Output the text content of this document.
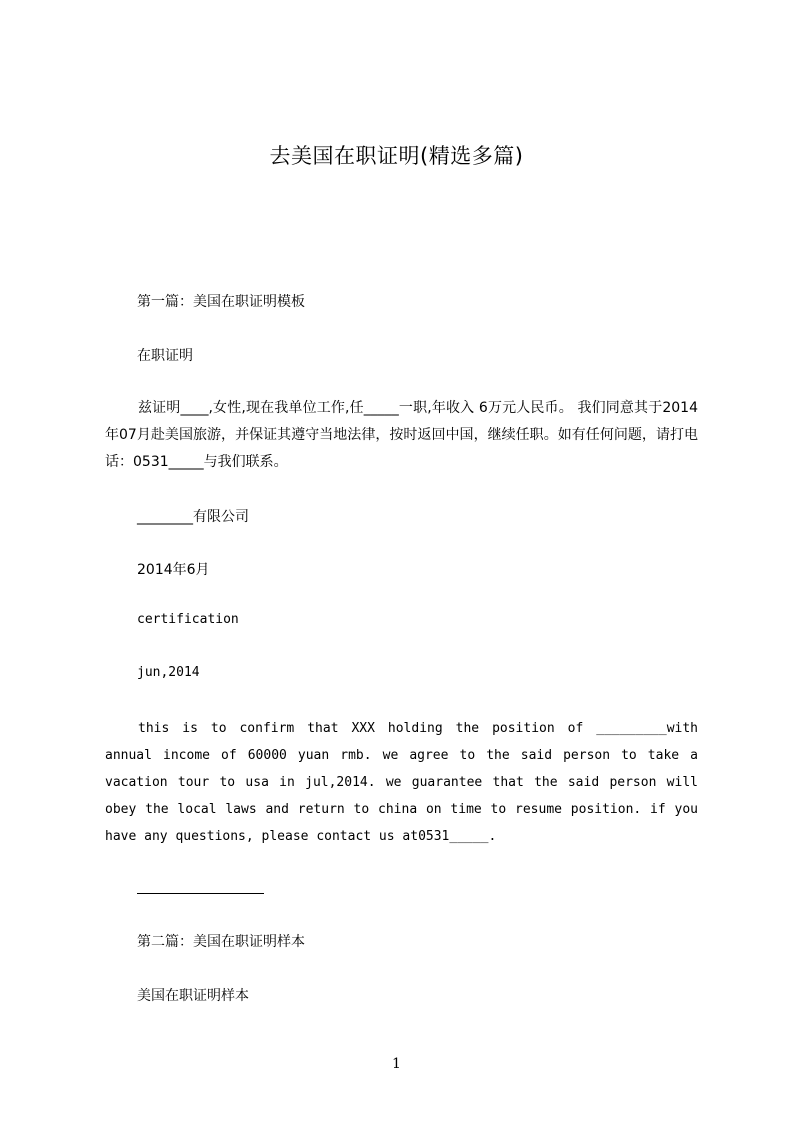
去美国在职证明(精选多篇)
第一篇：美国在职证明模板
在职证明
兹证明____,女性,现在我单位工作,任_____一职,年收入 6万元人民币。 我们同意其于2014年07月赴美国旅游，并保证其遵守当地法律，按时返回中国，继续任职。如有任何问题，请打电话：0531_____与我们联系。
________有限公司
2014年6月
certification
jun,2014
this is to confirm that XXX holding the position of _________with annual income of 60000 yuan rmb. we agree to the said person to take a vacation tour to usa in jul,2014. we guarantee that the said person will obey the local laws and return to china on time to resume position. if you have any questions, please contact us at0531_____.
第二篇：美国在职证明样本
美国在职证明样本
1
